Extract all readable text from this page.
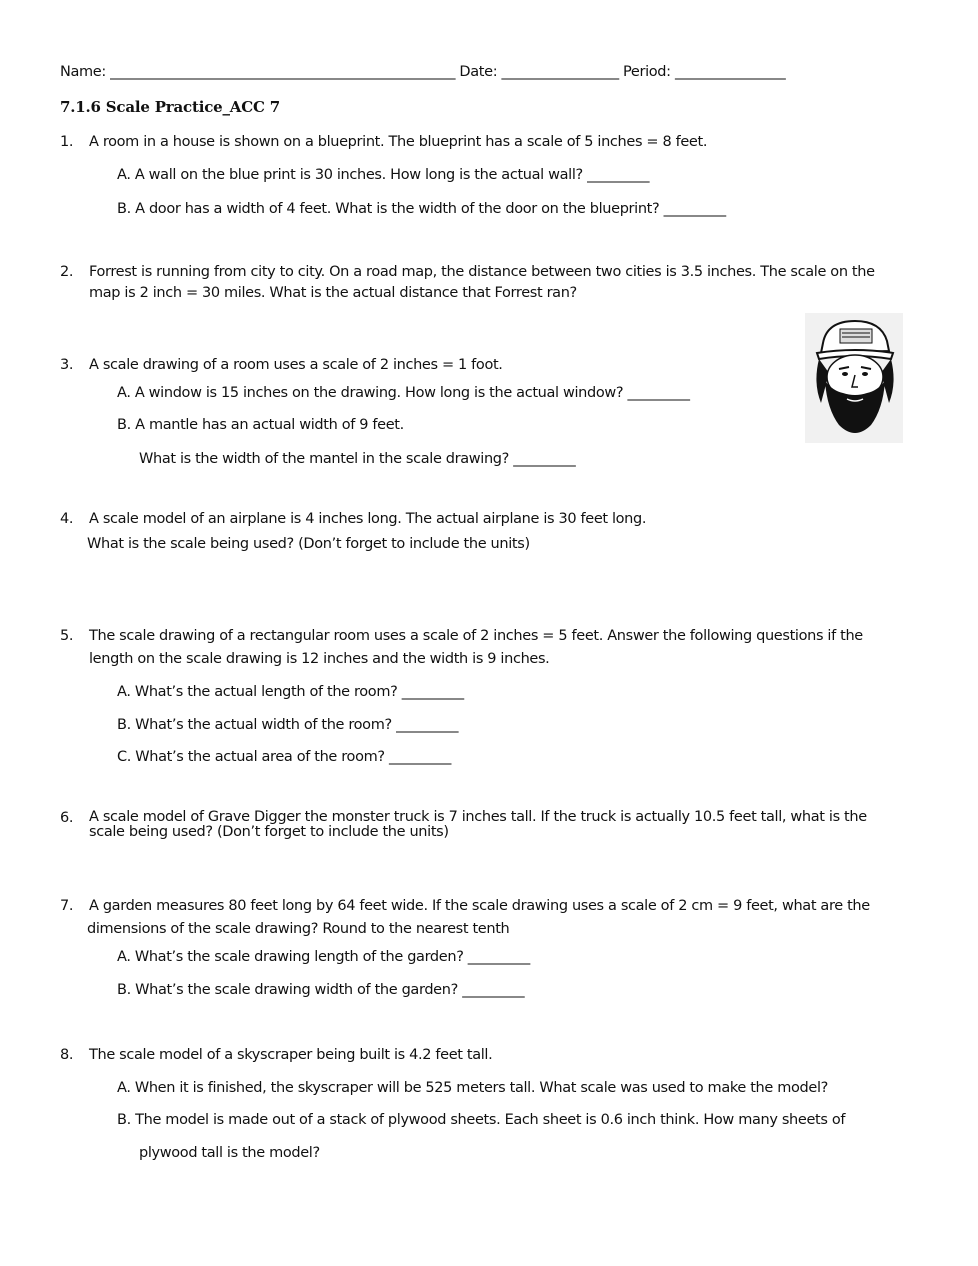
Name: __________________________________________________ Date: _________________ Period: ________________
7.1.6 Scale Practice_ACC 7
1.	A room in a house is shown on a blueprint. The blueprint has a scale of 5 inches = 8 feet.
A. A wall on the blue print is 30 inches. How long is the actual wall? _________
B. A door has a width of 4 feet. What is the width of the door on the blueprint? _________
2.	Forrest is running from city to city. On a road map, the distance between two cities is 3.5 inches. The scale on the
map is 2 inch = 30 miles. What is the actual distance that Forrest ran?
3.	A scale drawing of a room uses a scale of 2 inches = 1 foot.
A. A window is 15 inches on the drawing. How long is the actual window? _________
B. A mantle has an actual width of 9 feet.
What is the width of the mantel in the scale drawing? _________
4.	A scale model of an airplane is 4 inches long. The actual airplane is 30 feet long.
What is the scale being used? (Don’t forget to include the units)
5.	The scale drawing of a rectangular room uses a scale of 2 inches = 5 feet. Answer the following questions if the
length on the scale drawing is 12 inches and the width is 9 inches.
A. What’s the actual length of the room? _________
B. What’s the actual width of the room? _________
C. What’s the actual area of the room? _________
6.	A scale model of Grave Digger the monster truck is 7 inches tall. If the truck is actually 10.5 feet tall, what is the
scale being used? (Don’t forget to include the units)
7.	A garden measures 80 feet long by 64 feet wide. If the scale drawing uses a scale of 2 cm = 9 feet, what are the
dimensions of the scale drawing? Round to the nearest tenth
A. What’s the scale drawing length of the garden? _________
B. What’s the scale drawing width of the garden? _________
8.	The scale model of a skyscraper being built is 4.2 feet tall.
A. When it is finished, the skyscraper will be 525 meters tall. What scale was used to make the model?
B. The model is made out of a stack of plywood sheets. Each sheet is 0.6 inch think. How many sheets of
plywood tall is the model?
